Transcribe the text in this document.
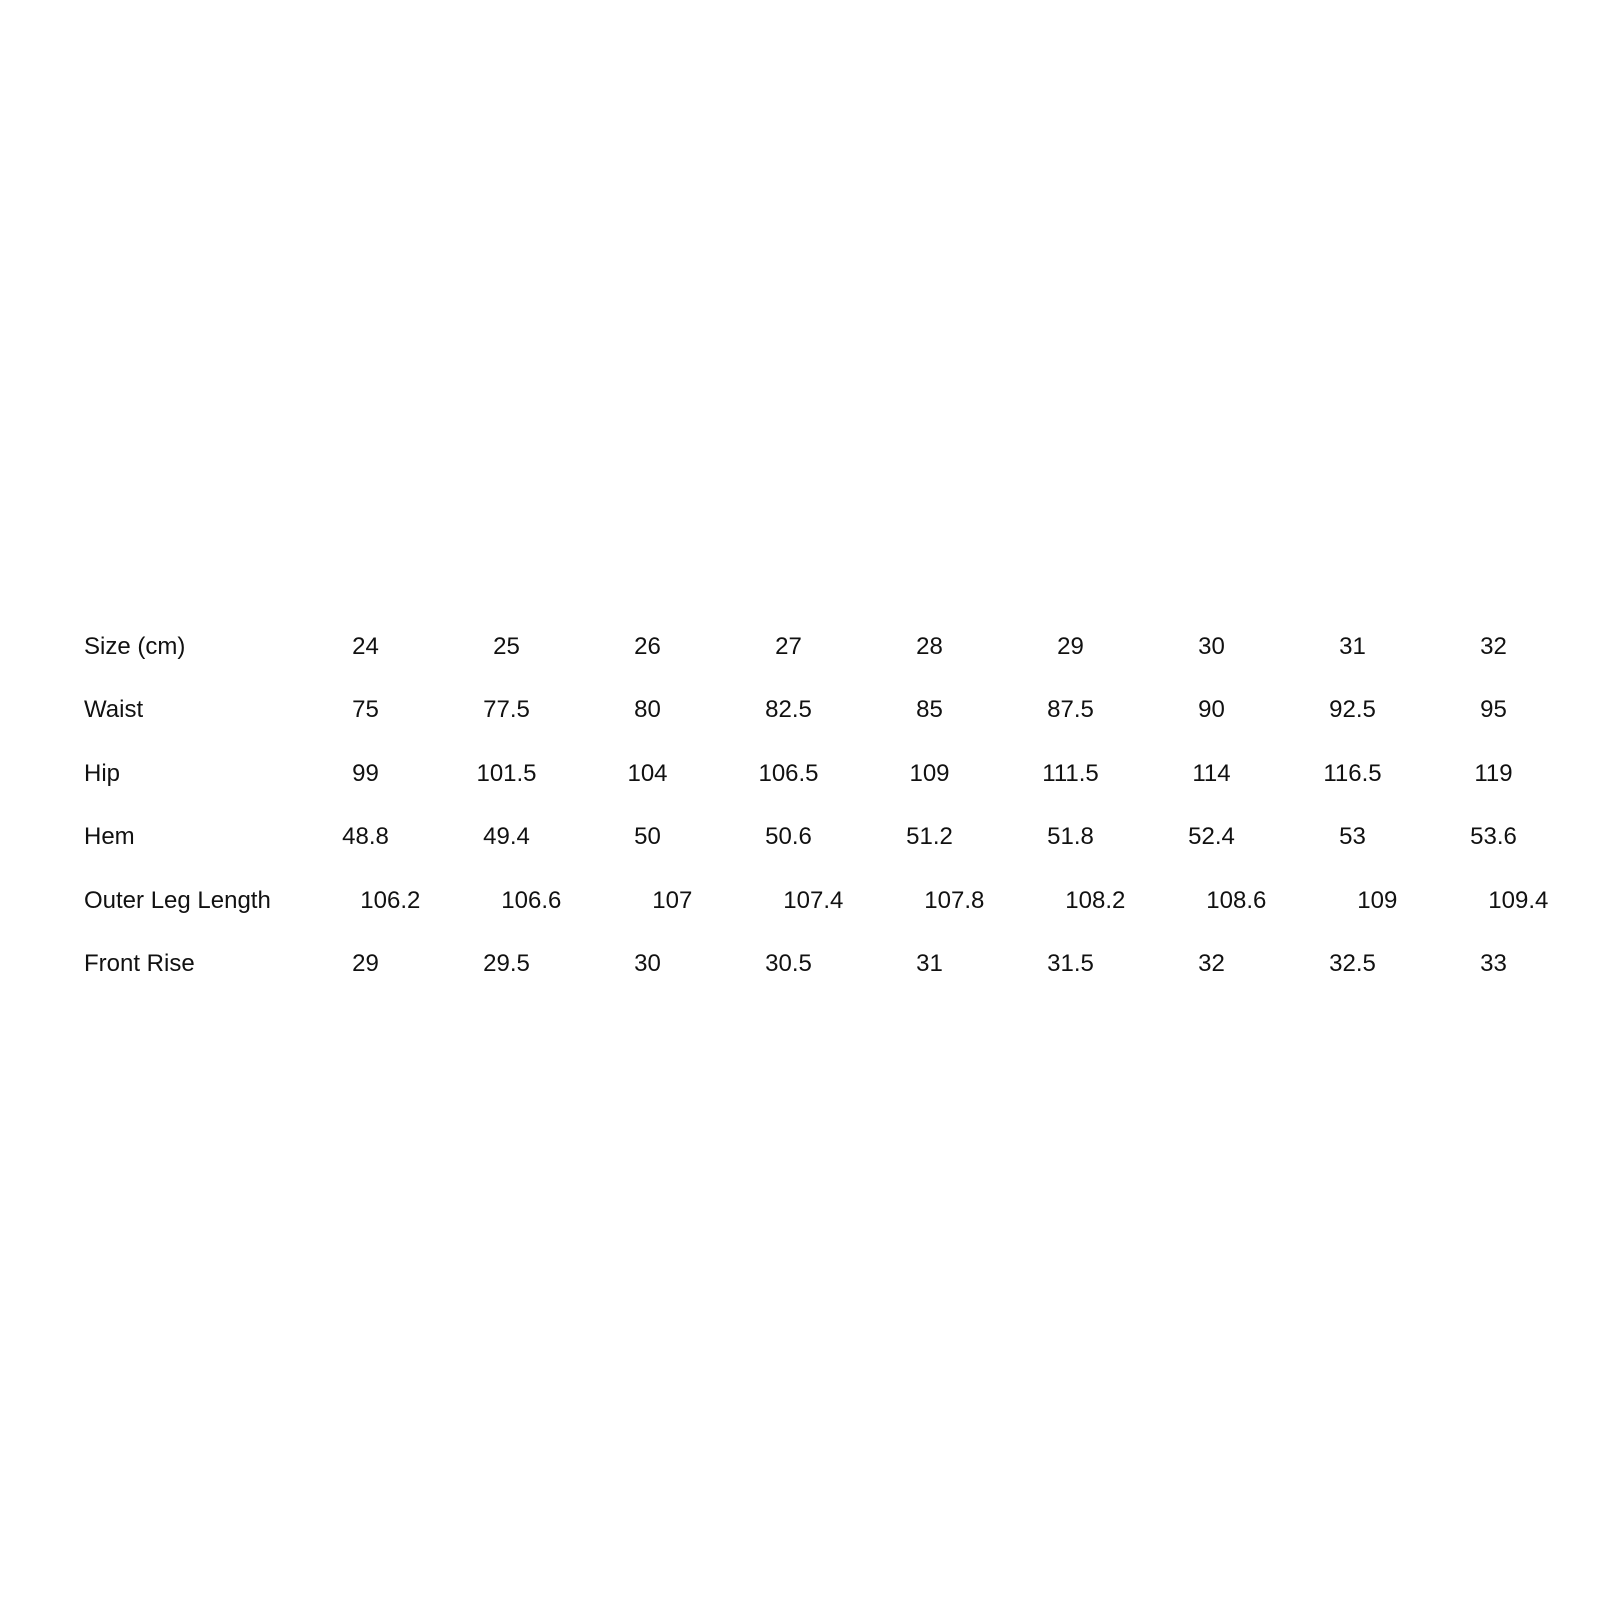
Size (cm)	24	25	26	27	28	29	30	31	32
Waist	75	77.5	80	82.5	85	87.5	90	92.5	95
Hip	99	101.5	104	106.5	109	111.5	114	116.5	119
Hem	48.8	49.4	50	50.6	51.2	51.8	52.4	53	53.6
Outer Leg Length	106.2	106.6	107	107.4	107.8	108.2	108.6	109	109.4
Front Rise	29	29.5	30	30.5	31	31.5	32	32.5	33
